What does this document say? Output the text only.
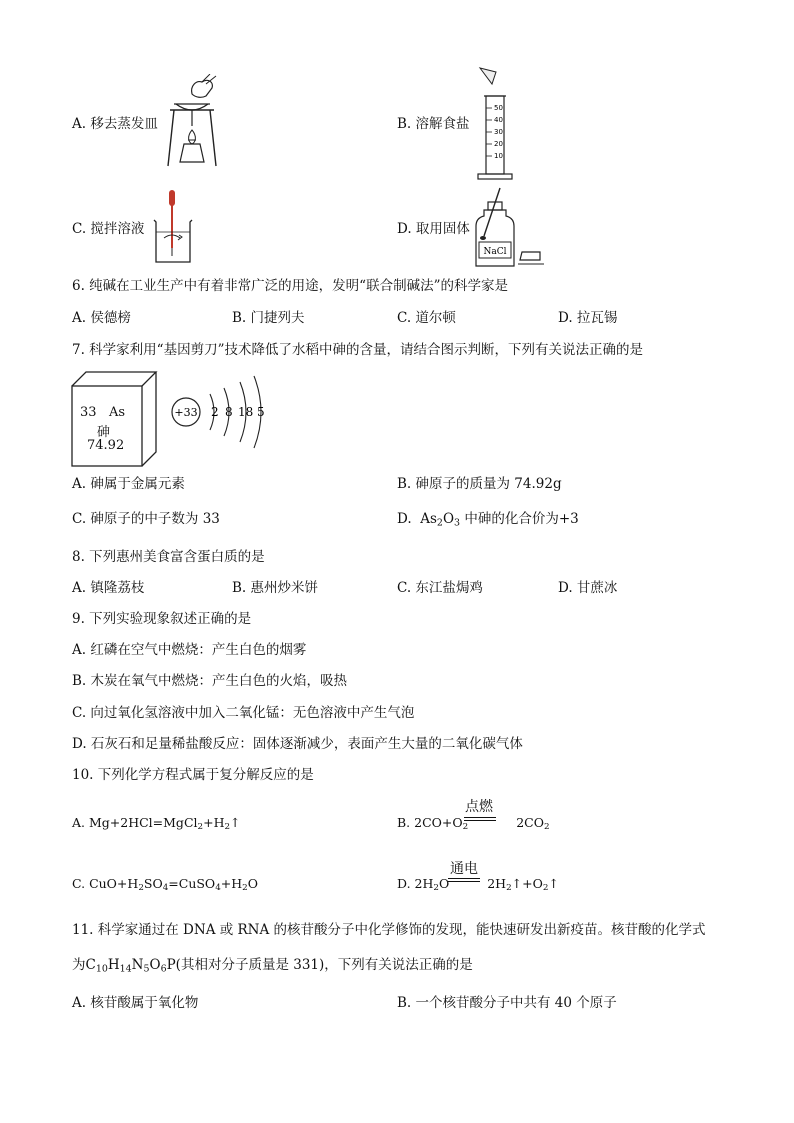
A. 移去蒸发皿	B. 溶解食盐
50
40
30
20
10
C. 搅拌溶液	D. 取用固体
NaCl
6. 纯碱在工业生产中有着非常广泛的用途，发明“联合制碱法”的科学家是
A. 侯德榜	B. 门捷列夫	C. 道尔顿	D. 拉瓦锡
7. 科学家利用“基因剪刀”技术降低了水稻中砷的含量，请结合图示判断，下列有关说法正确的是
33 As
砷
74.92
+33 2 8 18 5
A. 砷属于金属元素	B. 砷原子的质量为 74.92g
C. 砷原子的中子数为 33	D. $As_2O_3$ 中砷的化合价为+3
8. 下列惠州美食富含蛋白质的是
A. 镇隆荔枝	B. 惠州炒米饼	C. 东江盐焗鸡	D. 甘蔗冰
9. 下列实验现象叙述正确的是
A. 红磷在空气中燃烧：产生白色的烟雾
B. 木炭在氧气中燃烧：产生白色的火焰，吸热
C. 向过氧化氢溶液中加入二氧化锰：无色溶液中产生气泡
D. 石灰石和足量稀盐酸反应：固体逐渐减少，表面产生大量的二氧化碳气体
10. 下列化学方程式属于复分解反应的是
A. $Mg+2HCl=MgCl_2+H_2↑$	B. $2CO+O_2$	$2CO_2$
点燃
C. $CuO+H_2SO_4=CuSO_4+H_2O$	D. $2H_2O$	$2H_2↑+O_2↑$
通电
11. 科学家通过在 DNA 或 RNA 的核苷酸分子中化学修饰的发现，能快速研发出新疫苗。核苷酸的化学式
为$C_{10}H_{14}N_5O_6P$(其相对分子质量是 331)，下列有关说法正确的是
A. 核苷酸属于氧化物	B. 一个核苷酸分子中共有 40 个原子
